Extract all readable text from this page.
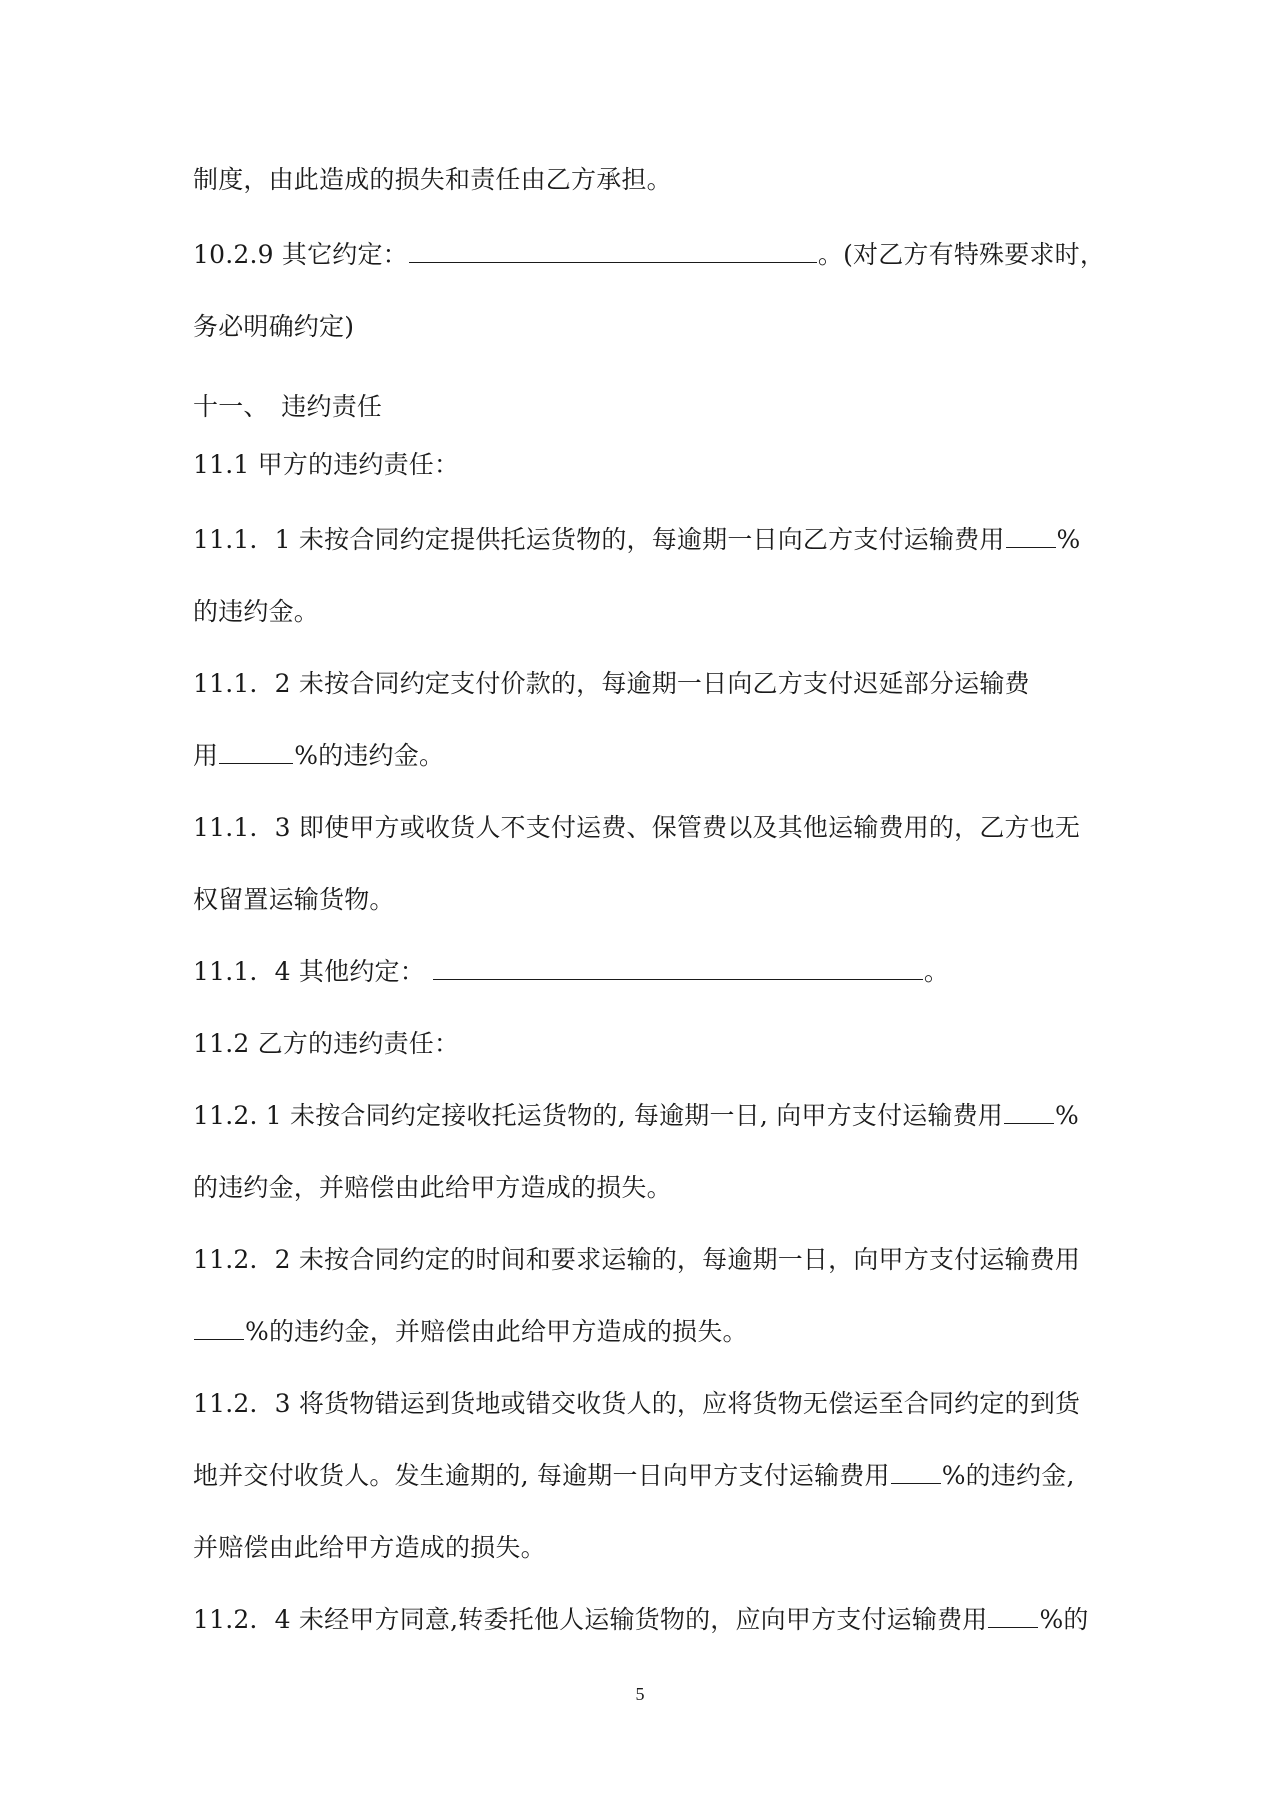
制度，由此造成的损失和责任由乙方承担。
10.2.9 其它约定：	。(对乙方有特殊要求时，
务必明确约定)
十一、　违约责任
11.1 甲方的违约责任：
11.1．1 未按合同约定提供托运货物的，每逾期一日向乙方支付运输费用 %
的违约金。
11.1．2 未按合同约定支付价款的，每逾期一日向乙方支付迟延部分运输费
用	%的违约金。
11.1．3 即使甲方或收货人不支付运费、保管费以及其他运输费用的，乙方也无
权留置运输货物。
11.1．4 其他约定：	。
11.2 乙方的违约责任：
11.2. 1 未按合同约定接收托运货物的, 每逾期一日, 向甲方支付运输费用 %
的违约金，并赔偿由此给甲方造成的损失。
11.2．2 未按合同约定的时间和要求运输的，每逾期一日，向甲方支付运输费用
%的违约金，并赔偿由此给甲方造成的损失。
11.2．3 将货物错运到货地或错交收货人的，应将货物无偿运至合同约定的到货
地并交付收货人。发生逾期的, 每逾期一日向甲方支付运输费用 %的违约金,
并赔偿由此给甲方造成的损失。
11.2．4 未经甲方同意,转委托他人运输货物的，应向甲方支付运输费用 %的
5
